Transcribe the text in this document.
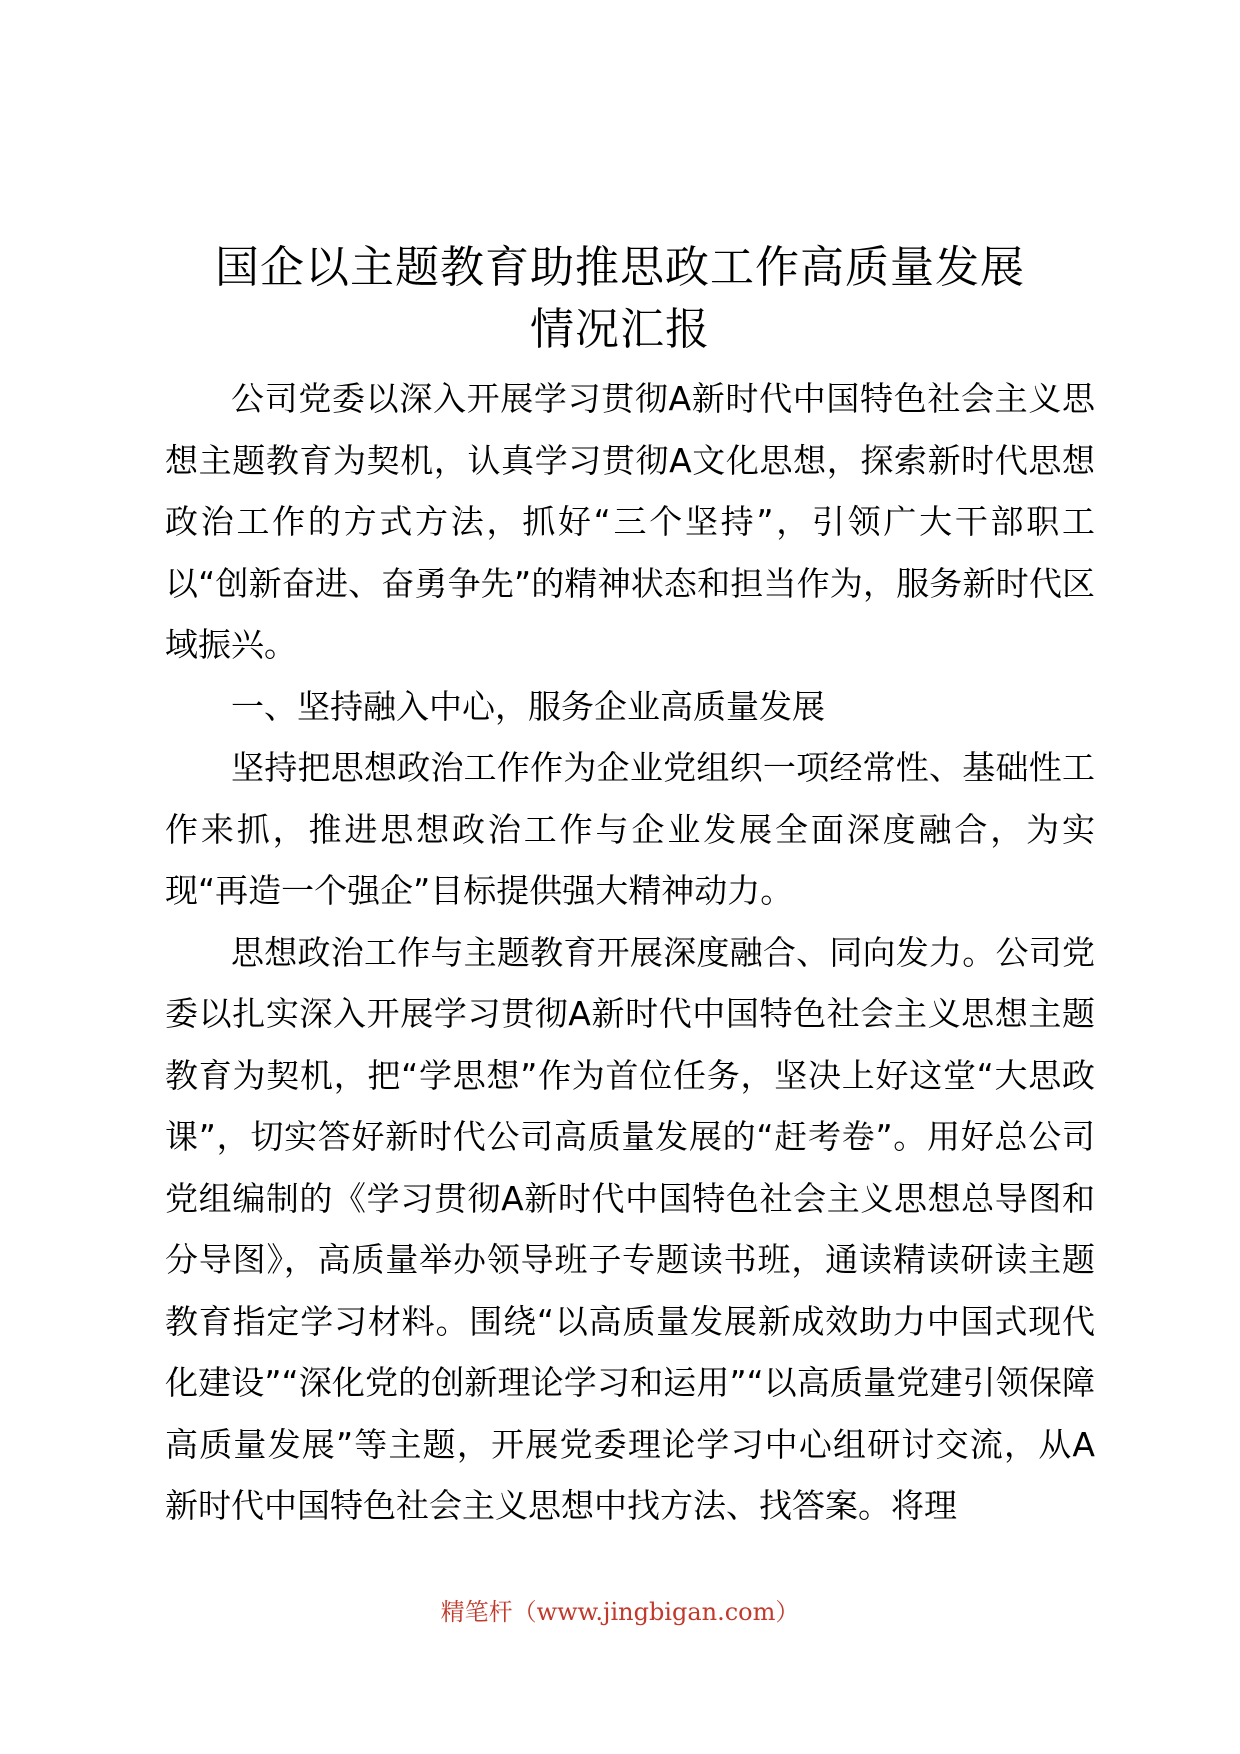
国企以主题教育助推思政工作高质量发展
情况汇报

公司党委以深入开展学习贯彻A新时代中国特色社会主义思想主题教育为契机，认真学习贯彻A文化思想，探索新时代思想政治工作的方式方法，抓好“三个坚持”，引领广大干部职工以“创新奋进、奋勇争先”的精神状态和担当作为，服务新时代区域振兴。

一、坚持融入中心，服务企业高质量发展

坚持把思想政治工作作为企业党组织一项经常性、基础性工作来抓，推进思想政治工作与企业发展全面深度融合，为实现“再造一个强企”目标提供强大精神动力。

思想政治工作与主题教育开展深度融合、同向发力。公司党委以扎实深入开展学习贯彻A新时代中国特色社会主义思想主题教育为契机，把“学思想”作为首位任务，坚决上好这堂“大思政课”，切实答好新时代公司高质量发展的“赶考卷”。用好总公司党组编制的《学习贯彻A新时代中国特色社会主义思想总导图和分导图》，高质量举办领导班子专题读书班，通读精读研读主题教育指定学习材料。围绕“以高质量发展新成效助力中国式现代化建设”“深化党的创新理论学习和运用”“以高质量党建引领保障高质量发展”等主题，开展党委理论学习中心组研讨交流，从A新时代中国特色社会主义思想中找方法、找答案。将理

精笔杆（www.jingbigan.com）
